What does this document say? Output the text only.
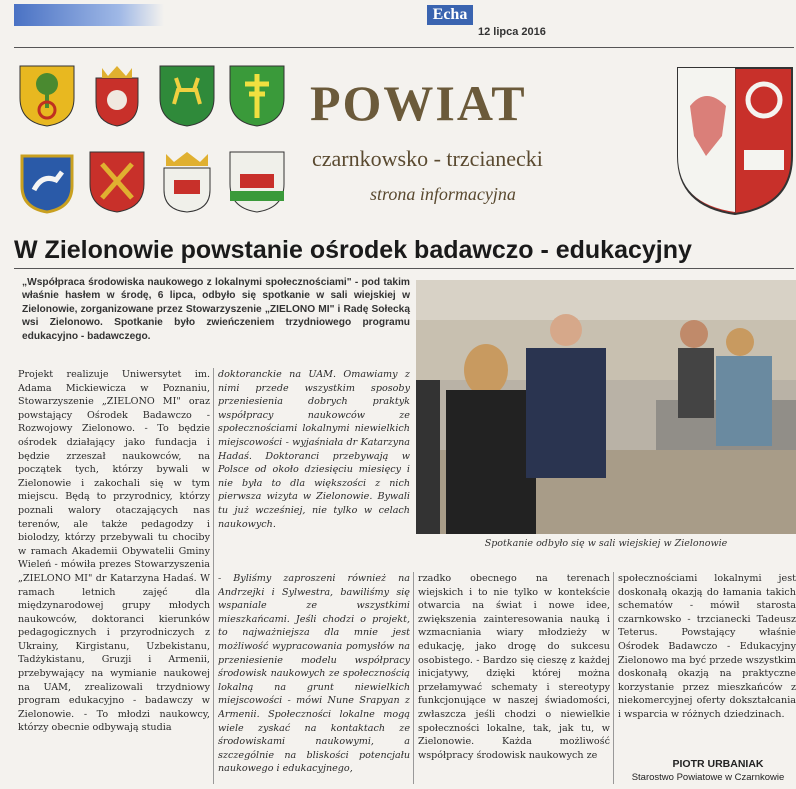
Echa
12 lipca 2016
POWIAT
czarnkowsko - trzcianecki
strona informacyjna
W Zielonowie powstanie ośrodek badawczo - edukacyjny
„Współpraca środowiska naukowego z lokalnymi społecznościami" - pod takim właśnie hasłem w środę, 6 lipca, odbyło się spotkanie w sali wiejskiej w Zielonowie, zorganizowane przez Stowarzyszenie „ZIELONO MI" i Radę Sołecką wsi Zielonowo. Spotkanie było zwieńczeniem trzydniowego programu edukacyjno - badawczego.
Projekt realizuje Uniwersytet im. Adama Mickiewicza w Poznaniu, Stowarzyszenie „ZIELONO MI" oraz powstający Ośrodek Badawczo - Rozwojowy Zielonowo. - To będzie ośrodek działający jako fundacja i będzie zrzeszał naukowców, na początek tych, którzy bywali w Zielonowie i zakochali się w tym miejscu. Będą to przyrodnicy, którzy poznali walory otaczających nas terenów, ale także pedagodzy i biolodzy, którzy przebywali tu chociby w ramach Akademii Obywatelii Gminy Wieleń - mówiła prezes Stowarzyszenia „ZIELONO MI" dr Katarzyna Hadaś. W ramach letnich zajęć dla międzynarodowej grupy młodych naukowców, doktoranci kierunków pedagogicznych i przyrodniczych z Ukrainy, Kirgistanu, Uzbekistanu, Tadżykistanu, Gruzji i Armenii, przebywający na wymianie naukowej na UAM, zrealizowali trzydniowy program edukacyjno - badawczy w Zielonowie. - To młodzi naukowcy, którzy obecnie odbywają studia
doktoranckie na UAM. Omawiamy z nimi przede wszystkim sposoby przeniesienia dobrych praktyk współpracy naukowców ze społecznościami lokalnymi niewielkich miejscowości - wyjaśniała dr Katarzyna Hadaś. Doktoranci przebywają w Polsce od około dziesięciu miesięcy i nie była to dla większości z nich pierwsza wizyta w Zielonowie. Bywali tu już wcześniej, nie tylko w celach naukowych.
- Byliśmy zaproszeni również na Andrzejki i Sylwestra, bawiliśmy się wspaniale ze wszystkimi mieszkańcami. Jeśli chodzi o projekt, to najważniejsza dla mnie jest możliwość wypracowania pomysłów na przeniesienie modelu współpracy środowisk naukowych ze społecznością lokalną na grunt niewielkich miejscowości - mówi Nune Srapyan z Armenii. Społeczności lokalne mogą wiele zyskać na kontaktach ze środowiskami naukowymi, a szczególnie na bliskości potencjału naukowego i edukacyjnego,
rzadko obecnego na terenach wiejskich i to nie tylko w kontekście otwarcia na świat i nowe idee, zwiększenia zainteresowania nauką i wzmacniania wiary młodzieży w edukację, jako drogę do sukcesu osobistego. - Bardzo się cieszę z każdej inicjatywy, dzięki której można przełamywać schematy i stereotypy funkcjonujące w naszej świadomości, zwłaszcza jeśli chodzi o niewielkie społeczności lokalne, tak, jak tu, w Zielonowie. Każda możliwość współpracy środowisk naukowych ze
społecznościami lokalnymi jest doskonałą okazją do łamania takich schematów - mówił starosta czarnkowsko - trzcianecki Tadeusz Teterus. Powstający właśnie Ośrodek Badawczo - Edukacyjny Zielonowo ma być przede wszystkim doskonałą okazją na praktyczne korzystanie przez mieszkańców z niekomercyjnej oferty dokształcania i wsparcia w różnych dziedzinach.
Spotkanie odbyło się w sali wiejskiej w Zielonowie
PIOTR URBANIAK
Starostwo Powiatowe w Czarnkowie
